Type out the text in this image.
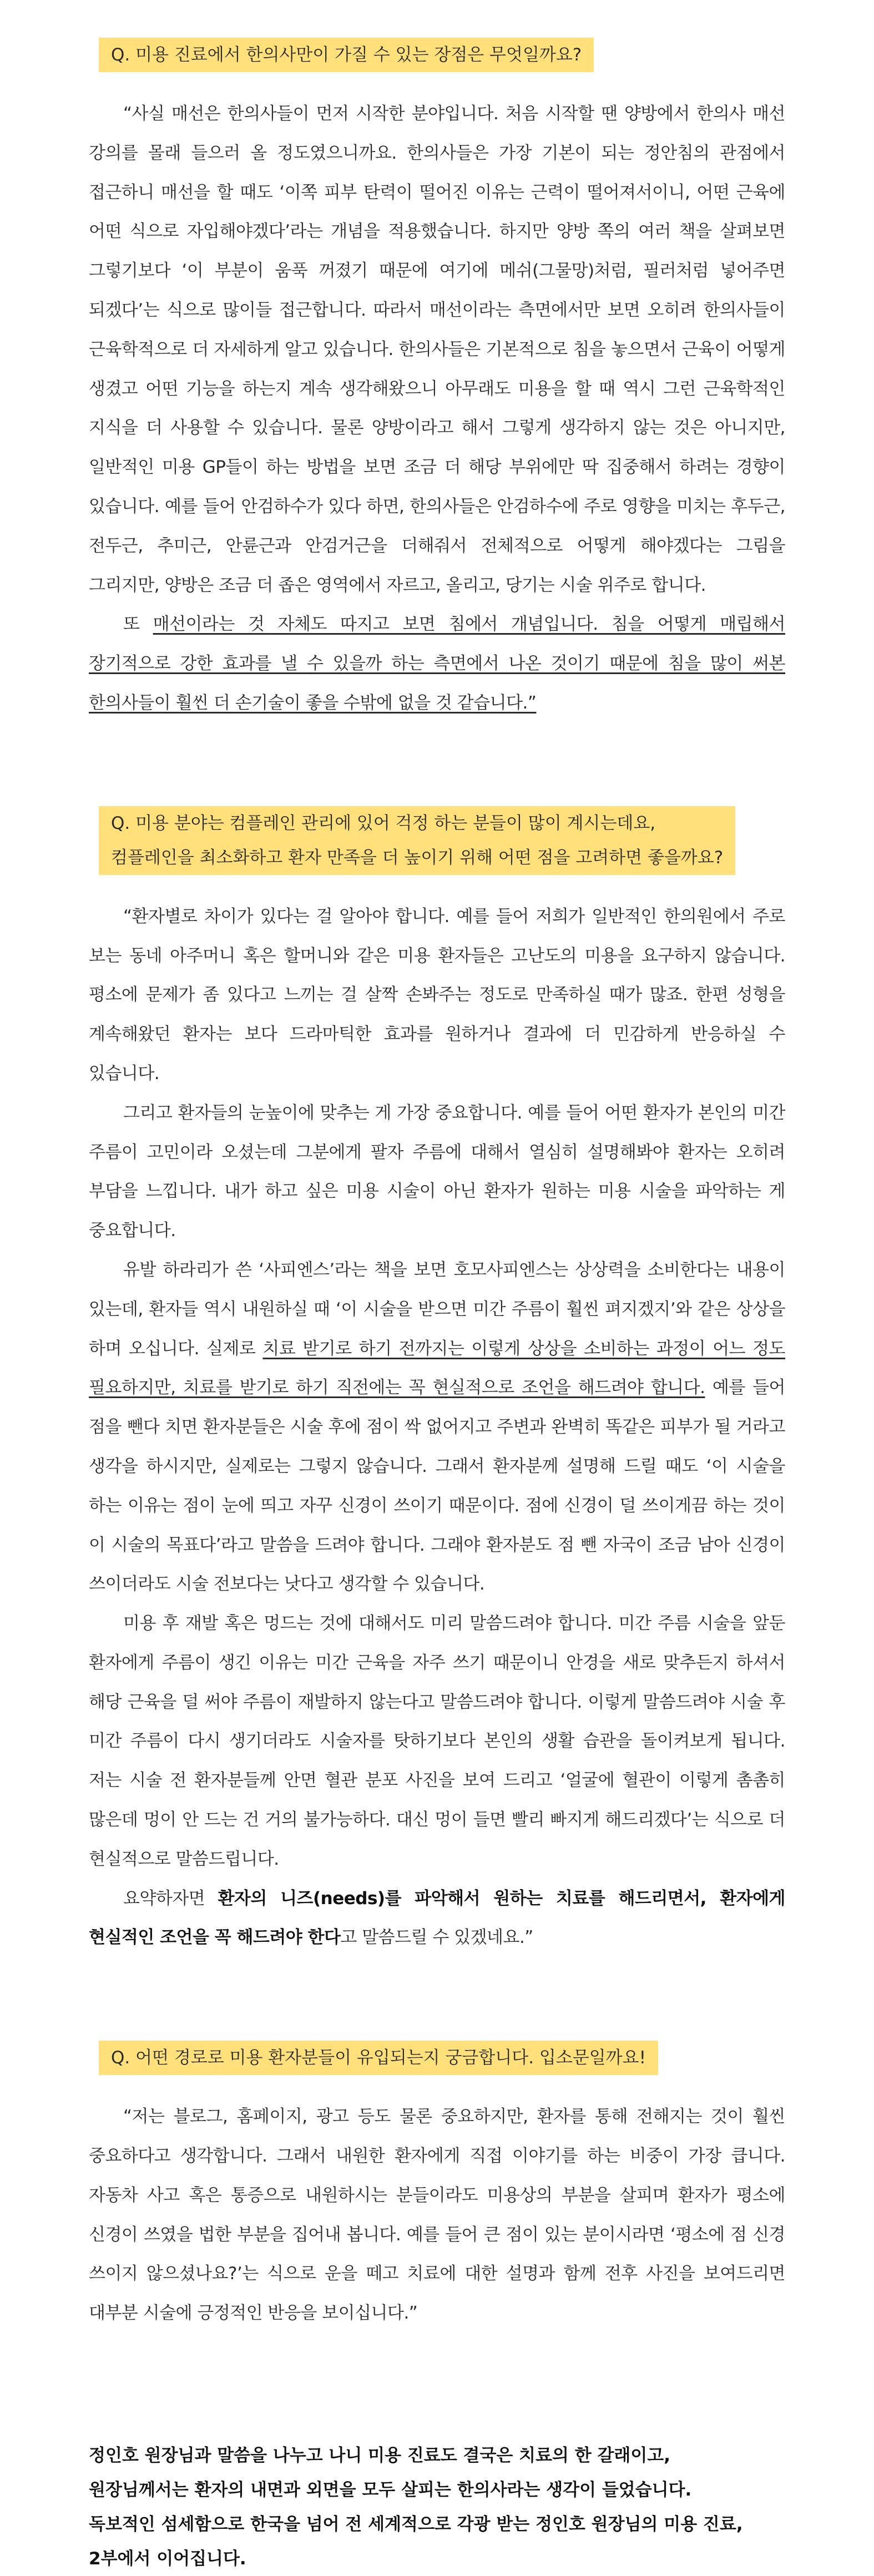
Q. 미용 진료에서 한의사만이 가질 수 있는 장점은 무엇일까요?

“사실 매선은 한의사들이 먼저 시작한 분야입니다. 처음 시작할 땐 양방에서 한의사 매선 강의를 몰래 들으러 올 정도였으니까요. 한의사들은 가장 기본이 되는 정안침의 관점에서 접근하니 매선을 할 때도 ‘이쪽 피부 탄력이 떨어진 이유는 근력이 떨어져서이니, 어떤 근육에 어떤 식으로 자입해야겠다’라는 개념을 적용했습니다. 하지만 양방 쪽의 여러 책을 살펴보면 그렇기보다 ‘이 부분이 움푹 꺼졌기 때문에 여기에 메쉬(그물망)처럼, 필러처럼 넣어주면 되겠다’는 식으로 많이들 접근합니다. 따라서 매선이라는 측면에서만 보면 오히려 한의사들이 근육학적으로 더 자세하게 알고 있습니다. 한의사들은 기본적으로 침을 놓으면서 근육이 어떻게 생겼고 어떤 기능을 하는지 계속 생각해왔으니 아무래도 미용을 할 때 역시 그런 근육학적인 지식을 더 사용할 수 있습니다. 물론 양방이라고 해서 그렇게 생각하지 않는 것은 아니지만, 일반적인 미용 GP들이 하는 방법을 보면 조금 더 해당 부위에만 딱 집중해서 하려는 경향이 있습니다. 예를 들어 안검하수가 있다 하면, 한의사들은 안검하수에 주로 영향을 미치는 후두근, 전두근, 추미근, 안륜근과 안검거근을 더해줘서 전체적으로 어떻게 해야겠다는 그림을 그리지만, 양방은 조금 더 좁은 영역에서 자르고, 올리고, 당기는 시술 위주로 합니다.

또 매선이라는 것 자체도 따지고 보면 침에서 개념입니다. 침을 어떻게 매립해서 장기적으로 강한 효과를 낼 수 있을까 하는 측면에서 나온 것이기 때문에 침을 많이 써본 한의사들이 훨씬 더 손기술이 좋을 수밖에 없을 것 같습니다.”

Q. 미용 분야는 컴플레인 관리에 있어 걱정 하는 분들이 많이 계시는데요,
컴플레인을 최소화하고 환자 만족을 더 높이기 위해 어떤 점을 고려하면 좋을까요?

“환자별로 차이가 있다는 걸 알아야 합니다. 예를 들어 저희가 일반적인 한의원에서 주로 보는 동네 아주머니 혹은 할머니와 같은 미용 환자들은 고난도의 미용을 요구하지 않습니다. 평소에 문제가 좀 있다고 느끼는 걸 살짝 손봐주는 정도로 만족하실 때가 많죠. 한편 성형을 계속해왔던 환자는 보다 드라마틱한 효과를 원하거나 결과에 더 민감하게 반응하실 수 있습니다.

그리고 환자들의 눈높이에 맞추는 게 가장 중요합니다. 예를 들어 어떤 환자가 본인의 미간 주름이 고민이라 오셨는데 그분에게 팔자 주름에 대해서 열심히 설명해봐야 환자는 오히려 부담을 느낍니다. 내가 하고 싶은 미용 시술이 아닌 환자가 원하는 미용 시술을 파악하는 게 중요합니다.

유발 하라리가 쓴 ‘사피엔스’라는 책을 보면 호모사피엔스는 상상력을 소비한다는 내용이 있는데, 환자들 역시 내원하실 때 ‘이 시술을 받으면 미간 주름이 훨씬 펴지겠지’와 같은 상상을 하며 오십니다. 실제로 치료 받기로 하기 전까지는 이렇게 상상을 소비하는 과정이 어느 정도 필요하지만, 치료를 받기로 하기 직전에는 꼭 현실적으로 조언을 해드려야 합니다. 예를 들어 점을 뺀다 치면 환자분들은 시술 후에 점이 싹 없어지고 주변과 완벽히 똑같은 피부가 될 거라고 생각을 하시지만, 실제로는 그렇지 않습니다. 그래서 환자분께 설명해 드릴 때도 ‘이 시술을 하는 이유는 점이 눈에 띄고 자꾸 신경이 쓰이기 때문이다. 점에 신경이 덜 쓰이게끔 하는 것이 이 시술의 목표다’라고 말씀을 드려야 합니다. 그래야 환자분도 점 뺀 자국이 조금 남아 신경이 쓰이더라도 시술 전보다는 낫다고 생각할 수 있습니다.

미용 후 재발 혹은 멍드는 것에 대해서도 미리 말씀드려야 합니다. 미간 주름 시술을 앞둔 환자에게 주름이 생긴 이유는 미간 근육을 자주 쓰기 때문이니 안경을 새로 맞추든지 하셔서 해당 근육을 덜 써야 주름이 재발하지 않는다고 말씀드려야 합니다. 이렇게 말씀드려야 시술 후 미간 주름이 다시 생기더라도 시술자를 탓하기보다 본인의 생활 습관을 돌이켜보게 됩니다. 저는 시술 전 환자분들께 안면 혈관 분포 사진을 보여 드리고 ‘얼굴에 혈관이 이렇게 촘촘히 많은데 멍이 안 드는 건 거의 불가능하다. 대신 멍이 들면 빨리 빠지게 해드리겠다’는 식으로 더 현실적으로 말씀드립니다.

요약하자면 환자의 니즈(needs)를 파악해서 원하는 치료를 해드리면서, 환자에게 현실적인 조언을 꼭 해드려야 한다고 말씀드릴 수 있겠네요.”

Q. 어떤 경로로 미용 환자분들이 유입되는지 궁금합니다. 입소문일까요!

“저는 블로그, 홈페이지, 광고 등도 물론 중요하지만, 환자를 통해 전해지는 것이 훨씬 중요하다고 생각합니다. 그래서 내원한 환자에게 직접 이야기를 하는 비중이 가장 큽니다. 자동차 사고 혹은 통증으로 내원하시는 분들이라도 미용상의 부분을 살피며 환자가 평소에 신경이 쓰였을 법한 부분을 집어내 봅니다. 예를 들어 큰 점이 있는 분이시라면 ‘평소에 점 신경 쓰이지 않으셨나요?’는 식으로 운을 떼고 치료에 대한 설명과 함께 전후 사진을 보여드리면 대부분 시술에 긍정적인 반응을 보이십니다.”

정인호 원장님과 말씀을 나누고 나니 미용 진료도 결국은 치료의 한 갈래이고,
원장님께서는 환자의 내면과 외면을 모두 살피는 한의사라는 생각이 들었습니다.
독보적인 섬세함으로 한국을 넘어 전 세계적으로 각광 받는 정인호 원장님의 미용 진료,
2부에서 이어집니다.
